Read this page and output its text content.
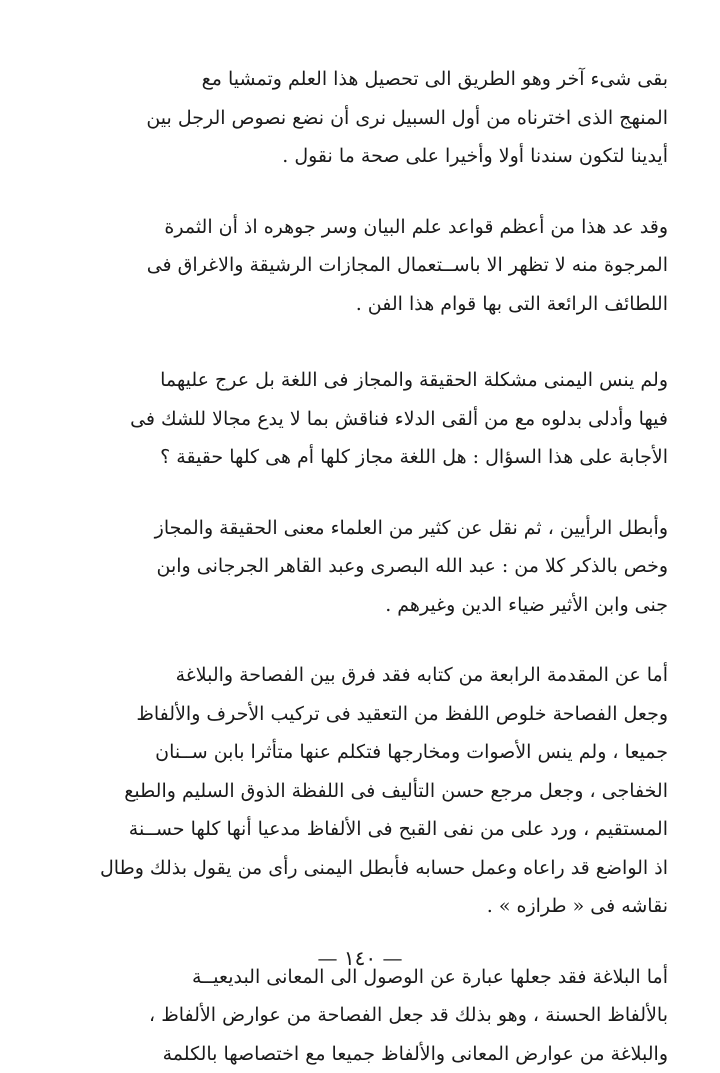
بقى شىء آخر وهو الطريق الى تحصيل هذا العلم وتمشيا مع
المنهج الذى اخترناه من أول السبيل نرى أن نضع نصوص الرجل بين
أيدينا لتكون سندنا أولا وأخيرا على صحة ما نقول .

وقد عد هذا من أعظم قواعد علم البيان وسر جوهره اذ أن الثمرة
المرجوة منه لا تظهر الا باســتعمال المجازات الرشيقة والاغراق فى
اللطائف الرائعة التى بها قوام هذا الفن .

ولم ينس اليمنى مشكلة الحقيقة والمجاز فى اللغة بل عرج عليهما
فيها وأدلى بدلوه مع من ألقى الدلاء فناقش بما لا يدع مجالا للشك فى
الأجابة على هذا السؤال : هل اللغة مجاز كلها أم هى كلها حقيقة ؟

وأبطل الرأيين ، ثم نقل عن كثير من العلماء معنى الحقيقة والمجاز
وخص بالذكر كلا من : عبد الله البصرى وعبد القاهر الجرجانى وابن
جنى وابن الأثير ضياء الدين وغيرهم .

أما عن المقدمة الرابعة من كتابه فقد فرق بين الفصاحة والبلاغة
وجعل الفصاحة خلوص اللفظ من التعقيد فى تركيب الأحرف والألفاظ
جميعا ، ولم ينس الأصوات ومخارجها فتكلم عنها متأثرا بابن ســنان
الخفاجى ، وجعل مرجع حسن التأليف فى اللفظة الذوق السليم والطبع
المستقيم ، ورد على من نفى القبح فى الألفاظ مدعيا أنها كلها حســنة
اذ الواضع قد راعاه وعمل حسابه فأبطل اليمنى رأى من يقول بذلك وطال
نقاشه فى « طرازه » .

أما البلاغة فقد جعلها عبارة عن الوصول الى المعانى البديعيــة
بالألفاظ الحسنة ، وهو بذلك قد جعل الفصاحة من عوارض الألفاظ ،
والبلاغة من عوارض المعانى والألفاظ جميعا مع اختصاصها بالكلمة

— ١٤٠ —
